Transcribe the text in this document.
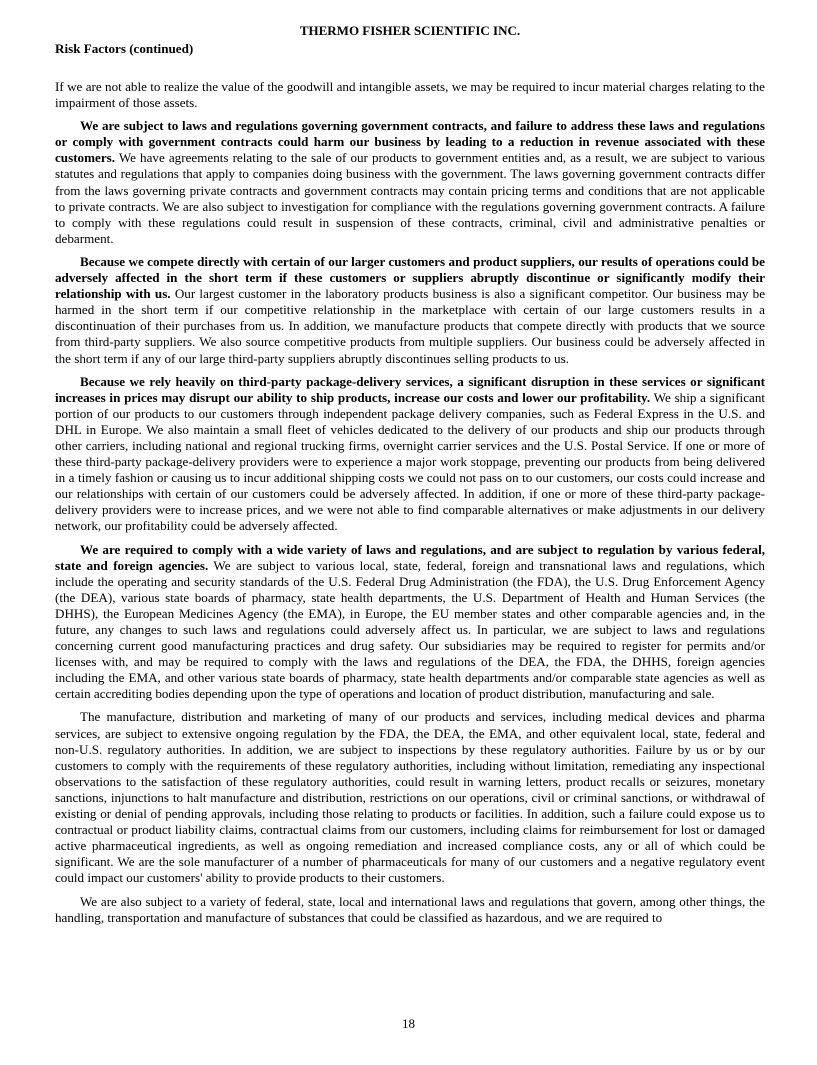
THERMO FISHER SCIENTIFIC INC.
Risk Factors (continued)

If we are not able to realize the value of the goodwill and intangible assets, we may be required to incur material charges relating to the impairment of those assets.

We are subject to laws and regulations governing government contracts, and failure to address these laws and regulations or comply with government contracts could harm our business by leading to a reduction in revenue associated with these customers. We have agreements relating to the sale of our products to government entities and, as a result, we are subject to various statutes and regulations that apply to companies doing business with the government. The laws governing government contracts differ from the laws governing private contracts and government contracts may contain pricing terms and conditions that are not applicable to private contracts. We are also subject to investigation for compliance with the regulations governing government contracts. A failure to comply with these regulations could result in suspension of these contracts, criminal, civil and administrative penalties or debarment.

Because we compete directly with certain of our larger customers and product suppliers, our results of operations could be adversely affected in the short term if these customers or suppliers abruptly discontinue or significantly modify their relationship with us. Our largest customer in the laboratory products business is also a significant competitor. Our business may be harmed in the short term if our competitive relationship in the marketplace with certain of our large customers results in a discontinuation of their purchases from us. In addition, we manufacture products that compete directly with products that we source from third-party suppliers. We also source competitive products from multiple suppliers. Our business could be adversely affected in the short term if any of our large third-party suppliers abruptly discontinues selling products to us.

Because we rely heavily on third-party package-delivery services, a significant disruption in these services or significant increases in prices may disrupt our ability to ship products, increase our costs and lower our profitability. We ship a significant portion of our products to our customers through independent package delivery companies, such as Federal Express in the U.S. and DHL in Europe. We also maintain a small fleet of vehicles dedicated to the delivery of our products and ship our products through other carriers, including national and regional trucking firms, overnight carrier services and the U.S. Postal Service. If one or more of these third-party package-delivery providers were to experience a major work stoppage, preventing our products from being delivered in a timely fashion or causing us to incur additional shipping costs we could not pass on to our customers, our costs could increase and our relationships with certain of our customers could be adversely affected. In addition, if one or more of these third-party package-delivery providers were to increase prices, and we were not able to find comparable alternatives or make adjustments in our delivery network, our profitability could be adversely affected.

We are required to comply with a wide variety of laws and regulations, and are subject to regulation by various federal, state and foreign agencies. We are subject to various local, state, federal, foreign and transnational laws and regulations, which include the operating and security standards of the U.S. Federal Drug Administration (the FDA), the U.S. Drug Enforcement Agency (the DEA), various state boards of pharmacy, state health departments, the U.S. Department of Health and Human Services (the DHHS), the European Medicines Agency (the EMA), in Europe, the EU member states and other comparable agencies and, in the future, any changes to such laws and regulations could adversely affect us. In particular, we are subject to laws and regulations concerning current good manufacturing practices and drug safety. Our subsidiaries may be required to register for permits and/or licenses with, and may be required to comply with the laws and regulations of the DEA, the FDA, the DHHS, foreign agencies including the EMA, and other various state boards of pharmacy, state health departments and/or comparable state agencies as well as certain accrediting bodies depending upon the type of operations and location of product distribution, manufacturing and sale.

The manufacture, distribution and marketing of many of our products and services, including medical devices and pharma services, are subject to extensive ongoing regulation by the FDA, the DEA, the EMA, and other equivalent local, state, federal and non-U.S. regulatory authorities. In addition, we are subject to inspections by these regulatory authorities. Failure by us or by our customers to comply with the requirements of these regulatory authorities, including without limitation, remediating any inspectional observations to the satisfaction of these regulatory authorities, could result in warning letters, product recalls or seizures, monetary sanctions, injunctions to halt manufacture and distribution, restrictions on our operations, civil or criminal sanctions, or withdrawal of existing or denial of pending approvals, including those relating to products or facilities. In addition, such a failure could expose us to contractual or product liability claims, contractual claims from our customers, including claims for reimbursement for lost or damaged active pharmaceutical ingredients, as well as ongoing remediation and increased compliance costs, any or all of which could be significant. We are the sole manufacturer of a number of pharmaceuticals for many of our customers and a negative regulatory event could impact our customers' ability to provide products to their customers.

We are also subject to a variety of federal, state, local and international laws and regulations that govern, among other things, the handling, transportation and manufacture of substances that could be classified as hazardous, and we are required to

18
